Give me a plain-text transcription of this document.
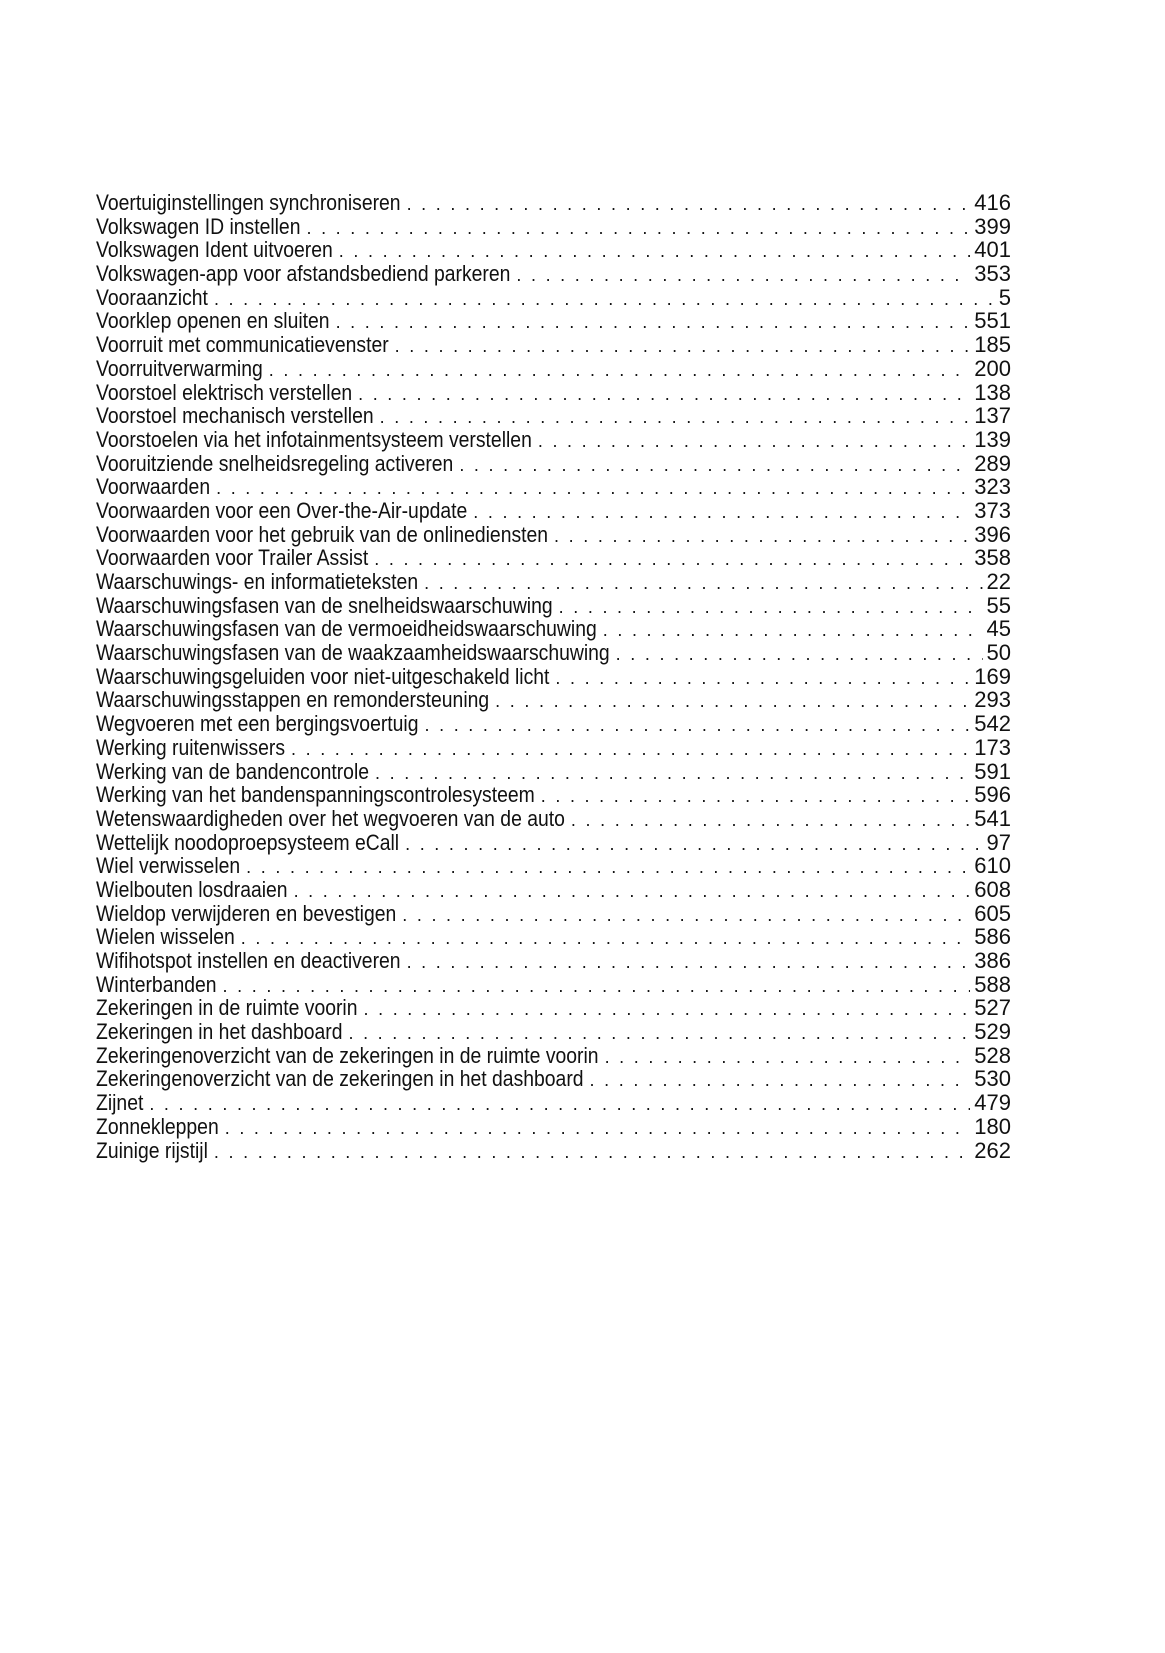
Voertuiginstellingen synchroniseren . . .	416
Volkswagen ID instellen . . .	399
Volkswagen Ident uitvoeren . . .	401
Volkswagen-app voor afstandsbediend parkeren . . .	353
Vooraanzicht . . .	5
Voorklep openen en sluiten . . .	551
Voorruit met communicatievenster . . .	185
Voorruitverwarming . . .	200
Voorstoel elektrisch verstellen . . .	138
Voorstoel mechanisch verstellen . . .	137
Voorstoelen via het infotainmentsysteem verstellen . . .	139
Vooruitziende snelheidsregeling activeren . . .	289
Voorwaarden . . .	323
Voorwaarden voor een Over-the-Air-update . . .	373
Voorwaarden voor het gebruik van de onlinediensten . . .	396
Voorwaarden voor Trailer Assist . . .	358
Waarschuwings- en informatieteksten . . .	22
Waarschuwingsfasen van de snelheidswaarschuwing . . .	55
Waarschuwingsfasen van de vermoeidheidswaarschuwing . . .	45
Waarschuwingsfasen van de waakzaamheidswaarschuwing . . .	50
Waarschuwingsgeluiden voor niet-uitgeschakeld licht . . .	169
Waarschuwingsstappen en remondersteuning . . .	293
Wegvoeren met een bergingsvoertuig . . .	542
Werking ruitenwissers . . .	173
Werking van de bandencontrole . . .	591
Werking van het bandenspanningscontrolesysteem . . .	596
Wetenswaardigheden over het wegvoeren van de auto . . .	541
Wettelijk noodoproepsysteem eCall . . .	97
Wiel verwisselen . . .	610
Wielbouten losdraaien . . .	608
Wieldop verwijderen en bevestigen . . .	605
Wielen wisselen . . .	586
Wifihotspot instellen en deactiveren . . .	386
Winterbanden . . .	588
Zekeringen in de ruimte voorin . . .	527
Zekeringen in het dashboard . . .	529
Zekeringenoverzicht van de zekeringen in de ruimte voorin . . .	528
Zekeringenoverzicht van de zekeringen in het dashboard . . .	530
Zijnet . . .	479
Zonnekleppen . . .	180
Zuinige rijstijl . . .	262
